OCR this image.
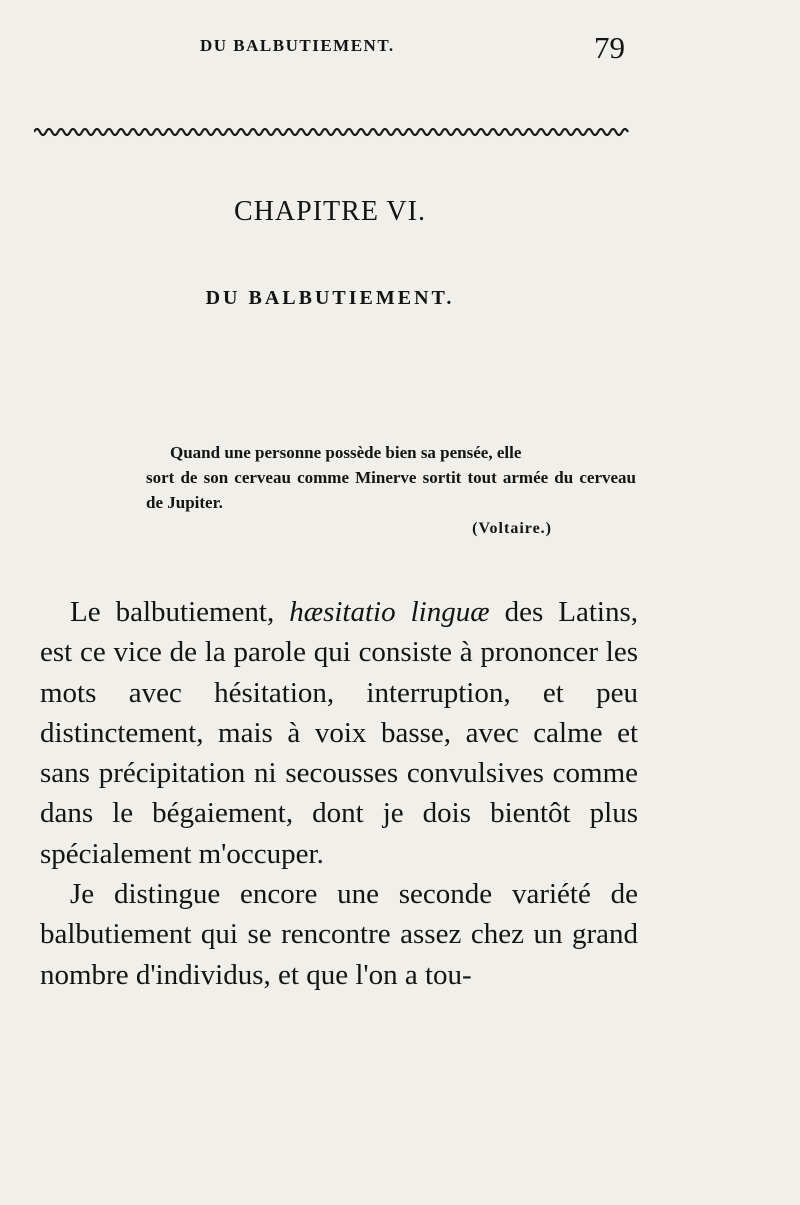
DU BALBUTIEMENT.	79
CHAPITRE VI.
DU BALBUTIEMENT.
Quand une personne possède bien sa pensée, elle
sort de son cerveau comme Minerve sortit tout armée du cerveau de Jupiter.
(Voltaire.)

Le balbutiement, hæsitatio linguæ des Latins, est ce vice de la parole qui consiste à prononcer les mots avec hésitation, interruption, et peu distinctement, mais à voix basse, avec calme et sans précipitation ni secousses convulsives comme dans le bégaiement, dont je dois bientôt plus spécialement m'occuper.

Je distingue encore une seconde variété de balbutiement qui se rencontre assez chez un grand nombre d'individus, et que l'on a tou-
